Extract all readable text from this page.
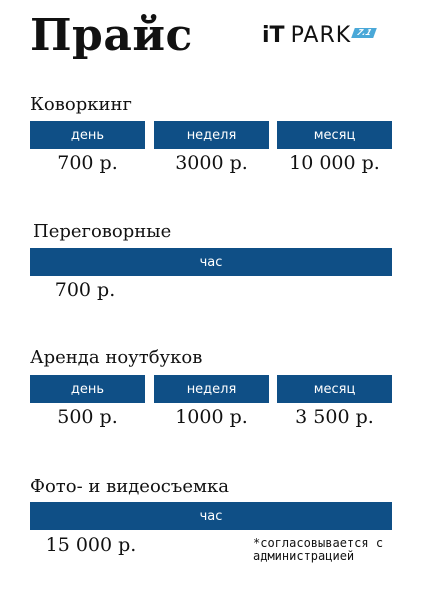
Прайс	iT PARK 7.1
Коворкинг
день	неделя	месяц
700 р.	3000 р.	10 000 р.
Переговорные
час
700 р.
Аренда ноутбуков
день	неделя	месяц
500 р.	1000 р.	3 500 р.
Фото- и видеосъемка
час
15 000 р.	*согласовывается с администрацией
